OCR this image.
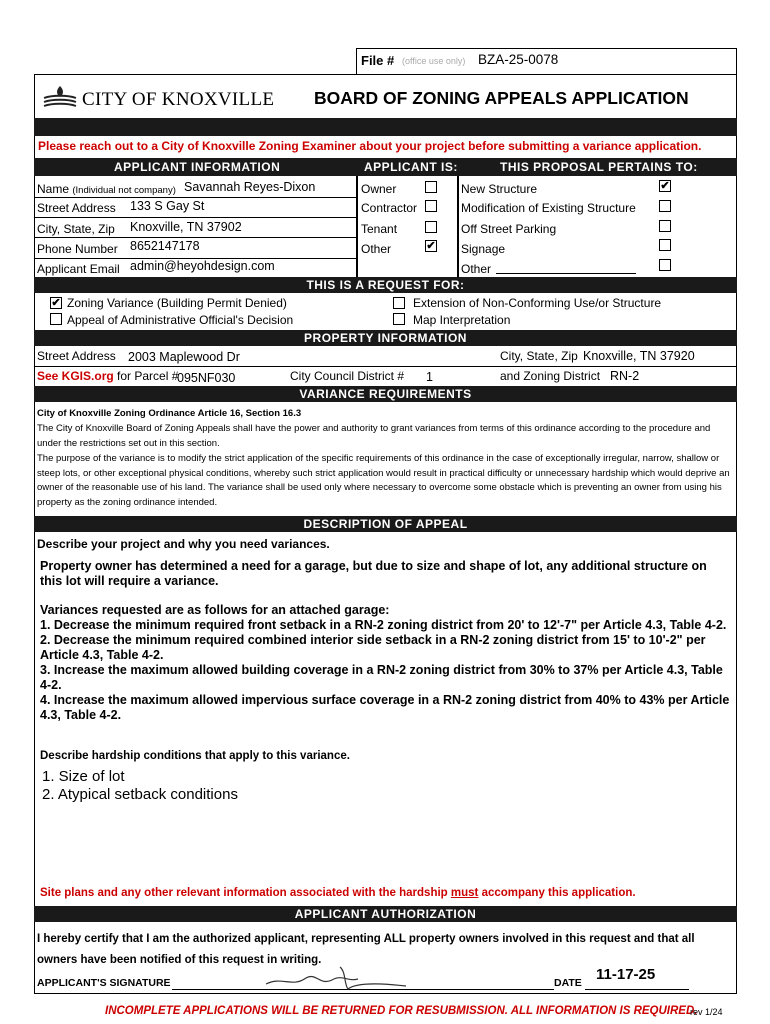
File # (office use only) BZA-25-0078
CITY OF KNOXVILLE BOARD OF ZONING APPEALS APPLICATION
Please reach out to a City of Knoxville Zoning Examiner about your project before submitting a variance application.
APPLICANT INFORMATION	APPLICANT IS:	THIS PROPOSAL PERTAINS TO:
Name (Individual not company) Savannah Reyes-Dixon
Street Address 133 S Gay St
City, State, Zip Knoxville, TN 37902
Phone Number 8652147178
Applicant Email admin@heyohdesign.com
Owner
Contractor
Tenant
Other	✔
New Structure	✔
Modification of Existing Structure
Off Street Parking
Signage
Other
THIS IS A REQUEST FOR:
✔ Zoning Variance (Building Permit Denied)
Appeal of Administrative Official's Decision
Extension of Non-Conforming Use/or Structure
Map Interpretation
PROPERTY INFORMATION
Street Address 2003 Maplewood Dr	City, State, Zip Knoxville, TN 37920
See KGIS.org for Parcel #
095NF030	City Council District # 1	and Zoning District RN-2
VARIANCE REQUIREMENTS
City of Knoxville Zoning Ordinance Article 16, Section 16.3
The City of Knoxville Board of Zoning Appeals shall have the power and authority to grant variances from terms of this ordinance according to the procedure and under the restrictions set out in this section.
The purpose of the variance is to modify the strict application of the specific requirements of this ordinance in the case of exceptionally irregular, narrow, shallow or steep lots, or other exceptional physical conditions, whereby such strict application would result in practical difficulty or unnecessary hardship which would deprive an owner of the reasonable use of his land. The variance shall be used only where necessary to overcome some obstacle which is preventing an owner from using his property as the zoning ordinance intended.
DESCRIPTION OF APPEAL
Describe your project and why you need variances.
Property owner has determined a need for a garage, but due to size and shape of lot, any additional structure on this lot will require a variance.
Variances requested are as follows for an attached garage:
1. Decrease the minimum required front setback in a RN-2 zoning district from 20' to 12'-7" per Article 4.3, Table 4-2.
2. Decrease the minimum required combined interior side setback in a RN-2 zoning district from 15' to 10'-2" per Article 4.3, Table 4-2.
3. Increase the maximum allowed building coverage in a RN-2 zoning district from 30% to 37% per Article 4.3, Table 4-2.
4. Increase the maximum allowed impervious surface coverage in a RN-2 zoning district from 40% to 43% per Article 4.3, Table 4-2.
Describe hardship conditions that apply to this variance.
1. Size of lot
2. Atypical setback conditions
Site plans and any other relevant information associated with the hardship must accompany this application.
APPLICANT AUTHORIZATION
I hereby certify that I am the authorized applicant, representing ALL property owners involved in this request and that all owners have been notified of this request in writing.
APPLICANT'S SIGNATURE	DATE 11-17-25
INCOMPLETE APPLICATIONS WILL BE RETURNED FOR RESUBMISSION. ALL INFORMATION IS REQUIRED.
rev 1/24
